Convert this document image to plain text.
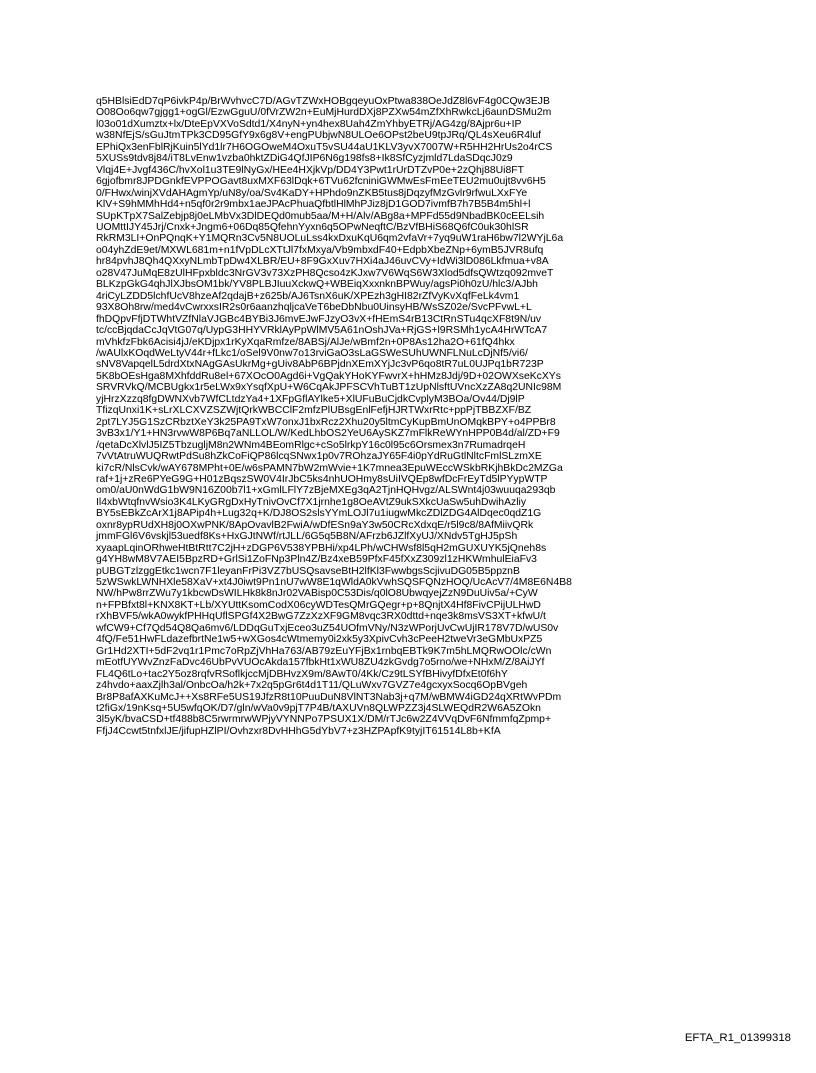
q5HBlsiEdD7qP6ivkP4p/BrWvhvcC7D/AGvTZWxHOBgqeyuOxPtwa838OeJdZ8l6vF4g0CQw3EJB
O08Oo6qw7gjgg1+ogGl/EzwGguU/0fVrZW2n+EuMjHurdDXj8PZXw54mZfXhRwkcLj6aunDSMu2m
l03o01dXumztx+lx/DteEpVXVoSdtd1/X4nyN+yn4hex8Uah4ZmYhbyETRj/AG4zg/8Ajpr6u+IP
w38NfEjS/sGuJtmTPk3CD95GfY9x6g8V+engPUbjwN8ULOe6OPst2beU9tpJRq/QL4sXeu6R4luf
EPhiQx3enFblRjKuin5lYd1lr7H6OGOweM4OxuT5vSU44aU1KLV3yvX7007W+R5HH2HrUs2o4rCS
5XUSs9tdv8j84/iT8LvEnw1vzba0hktZDiG4QfJIP6N6g198fs8+Ik8SfCyzjmld7LdaSDqcJ0z9
Vlqj4E+Jvgf436C/hvXol1u3TE9lNyGx/HEe4HXjkVp/DD4Y3Pwt1rUrDTZvP0e+2zQhj88Ui8FT
6gjofbmr8JPDGnkfEVPPOGavt8uxMXF63lDqk+6TVu62fcniniGWMwEsFmEeTEU2mu0ujt8vv6H5
0/FHwx/winjXVdAHAgmYp/uN8y/oa/Sv4KaDY+HPhdo9nZKB5tus8jDqzyfMzGvlr9rfwuLXxFYe
KlV+S9hMMhHd4+n5qf0r2r9mbx1aeJPAcPhuaQfbtlHlMhPJiz8jD1GOD7ivmfB7h7B5B4m5hl+l
SUpKTpX7SalZebjp8j0eLMbVx3DlDEQd0mub5aa/M+H/Alv/ABg8a+MPFd55d9NbadBK0cEELsih
UOMttIJY45Jrj/Cnxk+Jngm6+06Dq85QfehnYyxn6q5OPwNeqftC/BzVfBHiS68Q6fC0uk30hlSR
RkRM3LI+OnPQnqK+Y1MQRn3Cv5N8UOLuLss4kxDxuKqU6qm2vfaVr+7yq9uW1raH6bw7l2WYjL6a
o04yhZdE9et/MXWL681m+n1fVpDLcXTtJl7fxMxya/Vb9mbxdF40+EdpbXbeZNp+6ymB5JVR8ufq
hr84pvhJ8Qh4QXxyNLmbTpDw4XLBR/EU+8F9GxXuv7HXi4aJ46uvCVy+IdWi3lD086Lkfmua+v8A
o28V47JuMqE8zUlHFpxbldc3NrGV3v73XzPH8Qcso4zKJxw7V6WqS6W3Xlod5dfsQWtzq092mveT
BLKzpGkG4qhJlXJbsOM1bk/YV8PLBJIuuXckwQ+WBEiqXxxnknBPWuy/agsPi0h0zU/hlc3/AJbh
4riCyLZDD5lchfUcV8hzeAf2qdajB+z625b/AJ6TsnX6uK/XPEzh3gHI82rZfVyKvXqfFeLk4vm1
93X8Oh8rw/med4vCwrxxsIR2s0r6aanzhqljcaVeT6beDbNbu0UinsyHB/WsSZ02e/SvcPFvwL+L
fhDQpvFfjDTWhtVZfNlaVJGBc4BYBi3J6mvEJwFJzyO3vX+fHEmS4rB13CtRnSTu4qcXF8t9N/uv
tc/ccBjqdaCcJqVtG07q/UypG3HHYVRklAyPpWlMV5A61nOshJVa+RjGS+l9RSMh1ycA4HrWTcA7
mVhkfzFbk6Acisi4jJ/eKDjpx1rKyXqaRmfze/8ABSj/AlJe/wBmf2n+0P8As12ha2O+61fQ4hkx
/wAUlxKOqdWeLtyV44r+fLkc1/oSel9V0nw7o13rviGaO3sLaGSWeSUhUWNFLNuLcDjNf5/vi6/
sNV8VapqelL5drdXtxNAgGAsUkrMg+gUiv8AbP6BPjdnXEmXYjJc3vP6qo8tR7uL0UJPq1bR723P
5K8bOEsHga8MXhfddRu8el+67XOcO0Agd6i+VgQakYHoKYFwvrX+hHMz8Jdj/9D+02OWXseKcXYs
SRVRVkQ/MCBUgkx1r5eLWx9xYsqfXpU+W6CqAkJPFSCVhTuBT1zUpNlsftUVncXzZA8q2UNIc98M
yjHrzXzzq8fgDWNXvb7WfCLtdzYa4+1XFpGflAYlke5+XlUFuBuCjdkCvplyM3BOa/Ov44/Dj9lP
TfizqUnxi1K+sLrXLCXVZSZWjtQrkWBCClF2mfzPlUBsgEnlFefjHJRTWxrRtc+ppPjTBBZXF/BZ
2pt7LYJ5G1SzCRbztXeY3k25PA9TxW7onxJ1bxRcz2Xhu20y5ltmCyKupBmUnOMqkBPY+o4PPBr8
3vB3x1/Y1+HN3rvwW8P6Bq7aNLLOL/W/KedLhbOS2YeU6AySKZ7mFlkReWYnHPP0B4d/al/ZD+F9
/qetaDcXlvlJ5IZ5TbzugljM8n2WNm4BEomRlgc+cSo5lrkpY16c0l95c6Orsmex3n7RumadrqeH
7vVtAtruWUQRwtPdSu8hZkCoFiQP86lcqSNwx1p0v7ROhzaJY65F4i0pYdRuGtlNltcFmlSLzmXE
ki7cR/NlsCvk/wAY678MPht+0E/w6sPAMN7bW2mWvie+1K7mnea3EpuWEccWSkbRKjhBkDc2MZGa
raf+1j+zRe6PYeG9G+H01zBqszSW0V4IrJbC5ks4nhUOHmy8sUiIVQEp8wfDcFrEyTd5lPYypWTP
om0/aU0nWdG1bW9N16Z00b7l1+xGmlLFlY7zBjeMXEg3qA2TjnHQHvgz/ALSWnt4j03wuuqa293qb
Il4xbWtqfnvWsio3K4LKyGRgDxHyTnivOvCf7X1jrnhe1g8OeAVtZ9ukSXkcUaSw5uhDwihAzliy
BY5sEBkZcArX1j8APip4h+Lug32q+K/DJ8OS2slsYYmLOJl7u1iugwMkcZDlZDG4AlDqec0qdZ1G
oxnr8ypRUdXH8j0OXwPNK/8ApOvavlB2FwiA/wDfESn9aY3w50CRcXdxqE/r5l9c8/8AfMiivQRk
jmmFGl6V6vskjl53uedf8Ks+HxGJtNWf/rtJLL/6G5q5B8N/AFrzb6JZlfXyUJ/XNdv5TgHJ5pSh
xyaapLqinORhweHtBtRtt7C2jH+zDGP6V538YPBHi/xp4LPh/wCHWsf8l5qH2mGUXUYK5jQneh8s
g4YH8wM8V7AEI5BpzRD+GrlSi1ZoFNp3Pln4Z/Bz4xeB59PfxF45fXxZ309zl1zHKWmhulEiaFv3
pUBGTzlzggEtkc1wcn7F1leyanFrPi3VZ7bUSQsavseBtH2lfKl3FwwbgsScjivuDG05B5ppznB
5zWSwkLWNHXle58XaV+xt4J0iwt9Pn1nU7wW8E1qWldA0kVwhSQSFQNzHOQ/UcAcV7/4M8E6N4B8
NW/hPw8rrZWu7y1kbcwDsWILHk8k8nJr02VABisp0C53Dis/q0lO8UbwqyejZzN9DuUiv5a/+CyW
n+FPBfxt8l+KNX8KT+Lb/XYUttKsomCodX06cyWDTesQMrGQegr+p+8QnjtX4Hf8FivCPijULHwD
rXhBVF5/wkA0wykfPHHqUflSPGf4X2BwG7ZzXzXF9GM8vqc3RX0dttd+nqe3k8msVS3XT+kfwU/t
wfCW9+Cf7Qd54Q8Qa6mv6/LDDqGuTxjEceo3uZ54UOfmVNy/N3zWPorjUvCwUjIR178V7D/wUS0v
4fQ/Fe51HwFLdazefbrtNe1w5+wXGos4cWtmemy0i2xk5y3XpivCvh3cPeeH2tweVr3eGMbUxPZ5
Gr1Hd2XTI+5dF2vq1r1Pmc7oRpZjVhHa763/AB79zEuYFjBx1rnbqEBTk9K7m5hLMQRwOOlc/cWn
mEotfUYWvZnzFaDvc46UbPvVUOcAkda157fbkHt1xWU8ZU4zkGvdg7o5rno/we+NHxM/Z/8AiJYf
FL4Q6tLo+tac2Y5oz8rqfvRSoflkjccMjDBHvzX9m/8AwT0/4Kk/Cz9tLSYfBHivyfDfxEt0f6hY
z4hvdo+aaxZjlh3al/OnbcOa/h2k+7x2q5pGr6t4d1T11/QLuWxv7GVZ7e4gcxyxSocq6OpBVgeh
Br8P8afAXKuMcJ++Xs8RFe5US19JfzR8t10PuuDuN8VlNT3Nab3j+q7M/wBMW4iGD24qXRtWvPDm
t2fiGx/19nKsq+5U5wfqOK/D7/gln/wVa0v9pjT7P4B/tAXUVn8QLWPZZ3j4SLWEQdR2W6A5ZOkn
3l5yK/bvaCSD+tf488b8C5rwrmrwWPjyVYNNPo7PSUX1X/DM/rTJc6w2Z4VVqDvF6NfmmfqZpmp+
FfjJ4Ccwt5tnfxlJE/jifupHZlPI/Ovhzxr8DvHHhG5dYbV7+z3HZPApfK9tyjIT61514L8b+KfA
EFTA_R1_01399318
